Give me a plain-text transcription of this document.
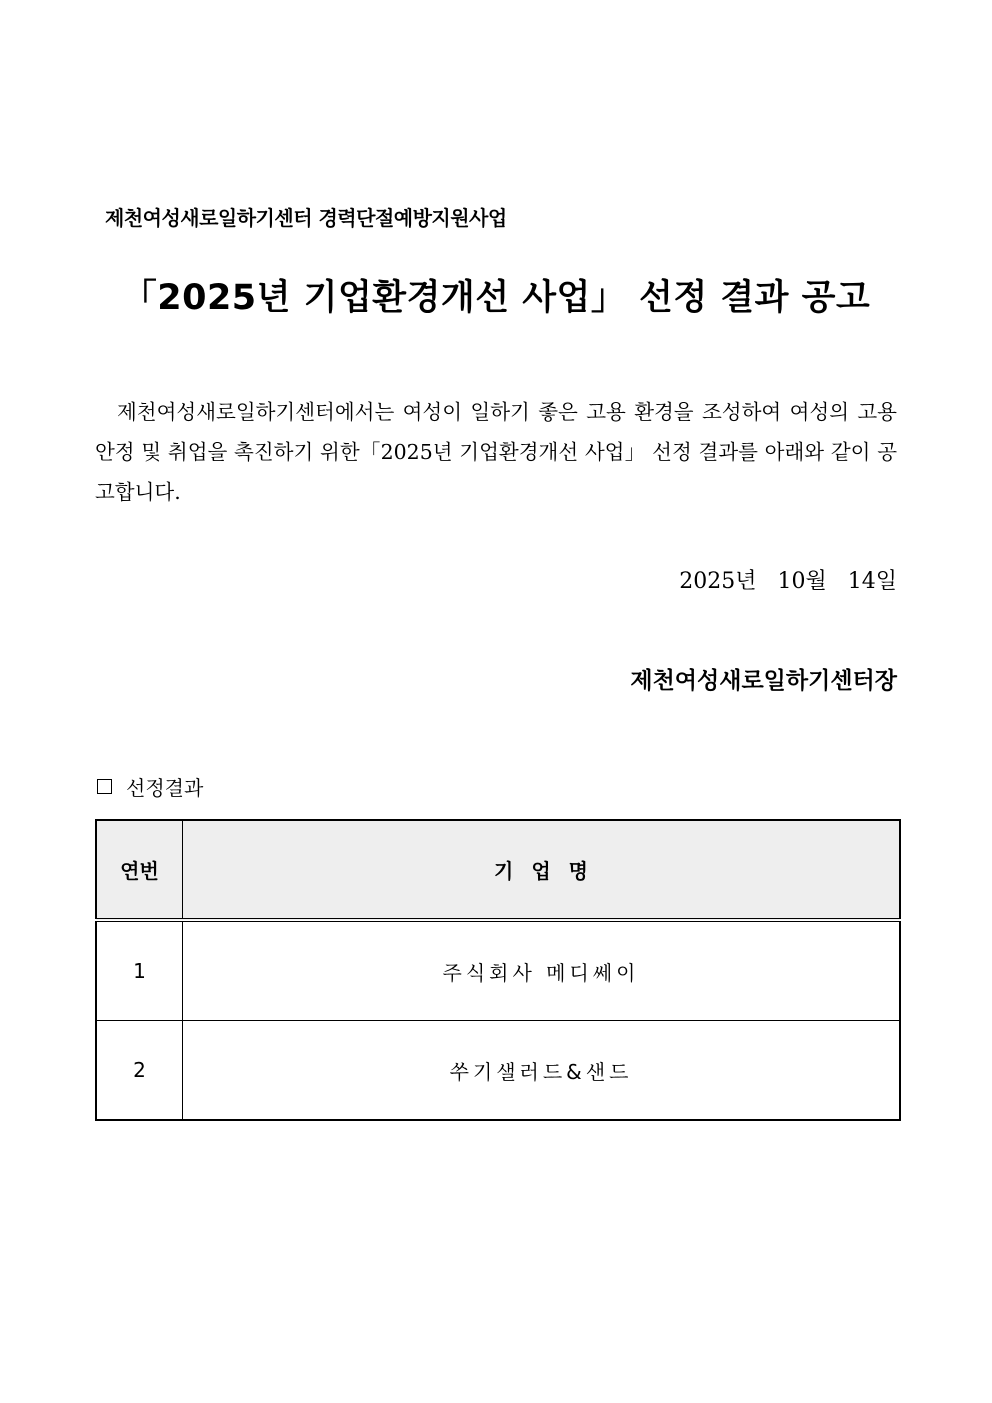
제천여성새로일하기센터 경력단절예방지원사업
「2025년 기업환경개선 사업」 선정 결과 공고
제천여성새로일하기센터에서는 여성이 일하기 좋은 고용 환경을 조성하여 여성의 고용안정 및 취업을 촉진하기 위한「2025년 기업환경개선 사업」 선정 결과를 아래와 같이 공고합니다.
2025년 10월 14일
제천여성새로일하기센터장
선정결과
연번	기업명
1	주식회사 메디쎄이
2	쑤기샐러드&샌드
